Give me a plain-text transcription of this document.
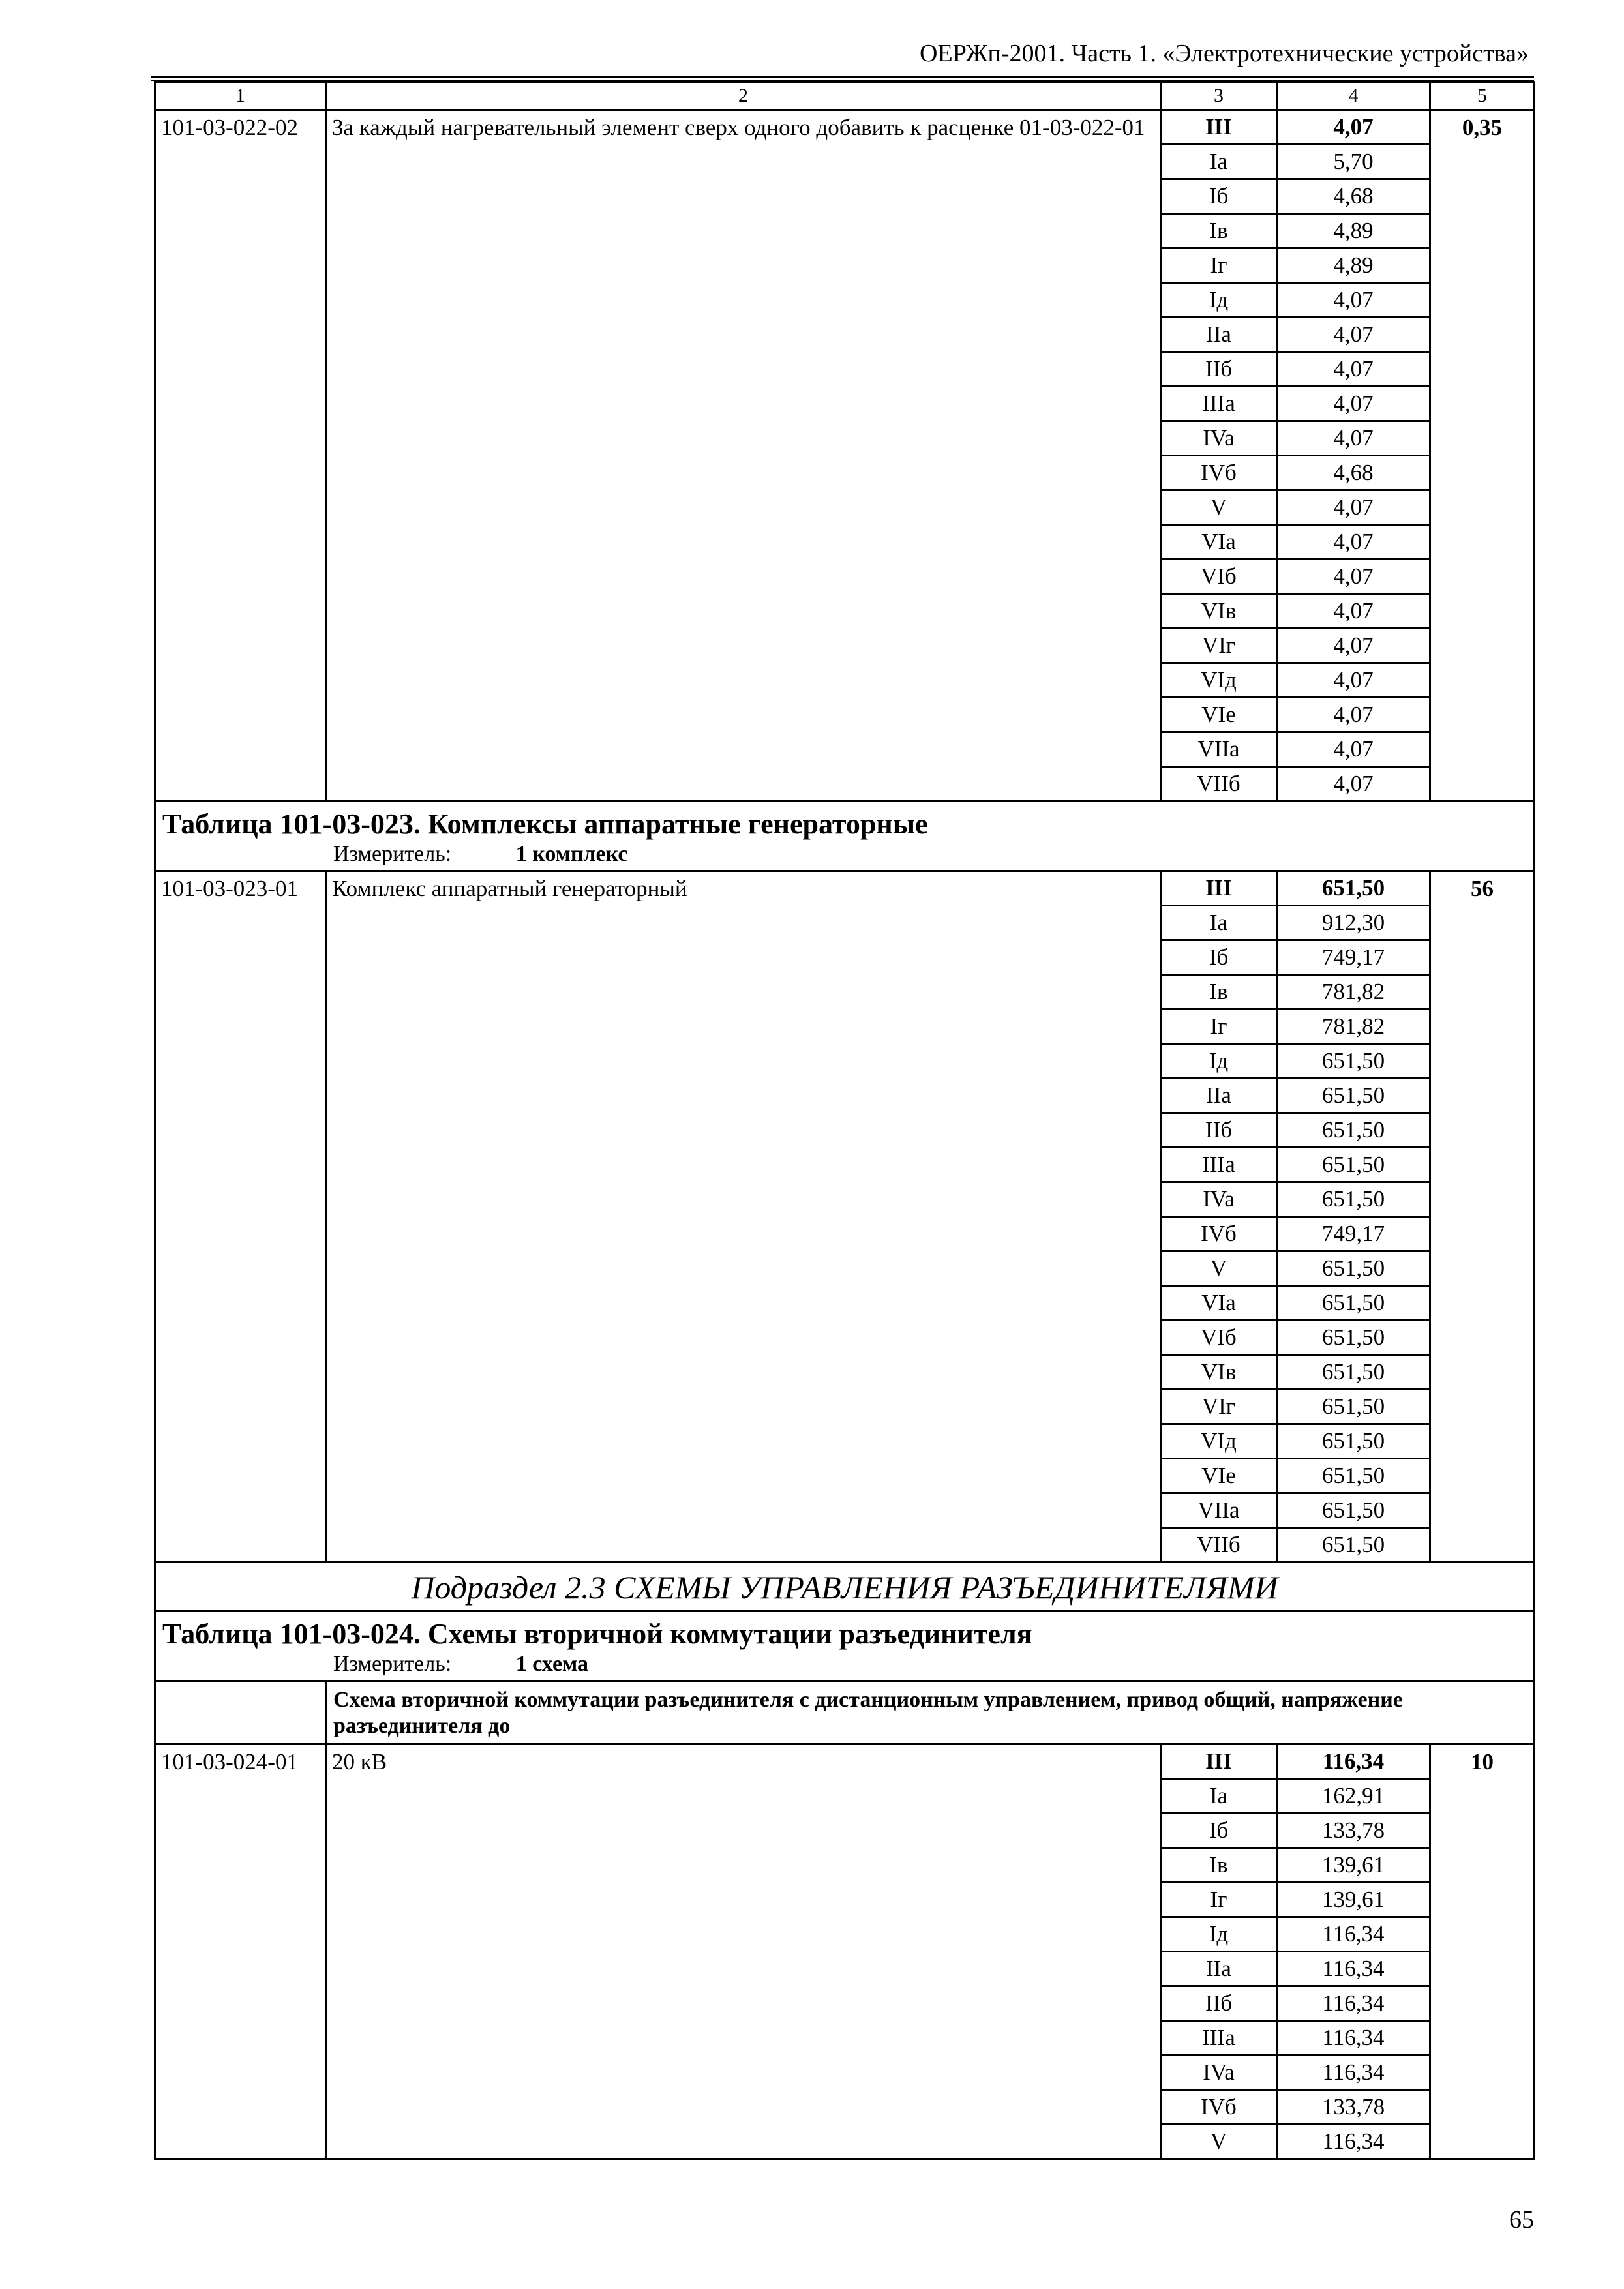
ОЕРЖп-2001. Часть 1. «Электротехнические устройства»
1	2	3	4	5
101-03-022-02	За каждый нагревательный элемент сверх одного добавить к расценке 01-03-022-01	III	4,07	0,35
		Ia	5,70	
		Iб	4,68	
		Iв	4,89	
		Iг	4,89	
		Iд	4,07	
		IIa	4,07	
		IIб	4,07	
		IIIa	4,07	
		IVa	4,07	
		IVб	4,68	
		V	4,07	
		VIa	4,07	
		VIб	4,07	
		VIв	4,07	
		VIг	4,07	
		VIд	4,07	
		VIe	4,07	
		VIIa	4,07	
		VIIб	4,07	

Таблица 101-03-023. Комплексы аппаратные генераторные
Измеритель: 1 комплекс				

101-03-023-01	Комплекс аппаратный генераторный	III	651,50	56
		Ia	912,30	
		Iб	749,17	
		Iв	781,82	
		Iг	781,82	
		Iд	651,50	
		IIa	651,50	
		IIб	651,50	
		IIIa	651,50	
		IVa	651,50	
		IVб	749,17	
		V	651,50	
		VIa	651,50	
		VIб	651,50	
		VIв	651,50	
		VIг	651,50	
		VIд	651,50	
		VIe	651,50	
		VIIa	651,50	
		VIIб	651,50	
Подраздел 2.3 СХЕМЫ УПРАВЛЕНИЯ РАЗЪЕДИНИТЕЛЯМИ				

Таблица 101-03-024. Схемы вторичной коммутации разъединителя
Измеритель: 1 схема				

	Схема вторичной коммутации разъединителя с дистанционным управлением, привод общий, напряжение разъединителя до			
101-03-024-01	20 кВ	III	116,34	10
		Ia	162,91	
		Iб	133,78	
		Iв	139,61	
		Iг	139,61	
		Iд	116,34	
		IIa	116,34	
		IIб	116,34	
		IIIa	116,34	
		IVa	116,34	
		IVб	133,78	
		V	116,34	
65
